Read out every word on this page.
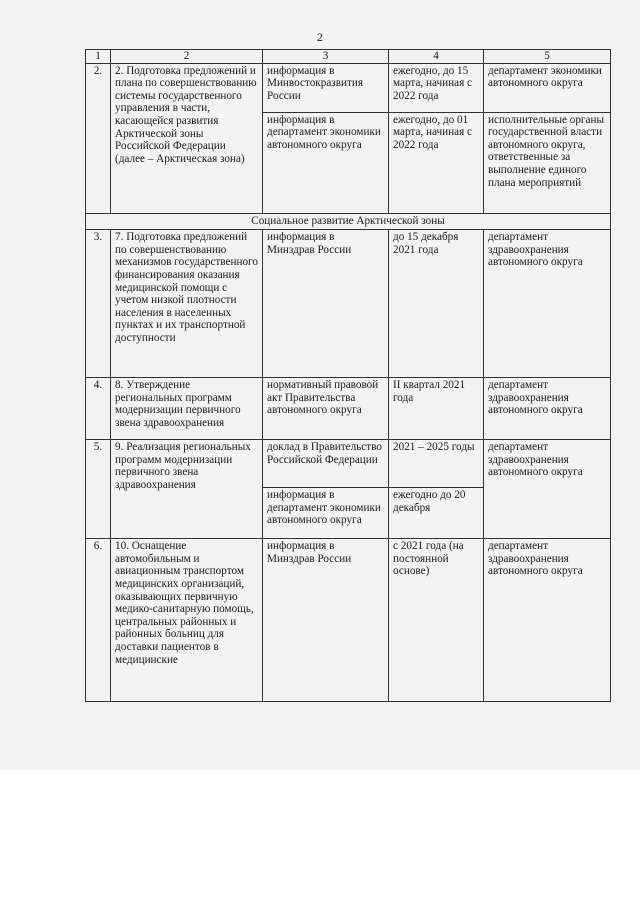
2
1	2	3	4	5
2.	2. Подготовка предложений и плана по совершенствованию системы государственного управления в части, касающейся развития Арктической зоны Российской Федерации (далее – Арктическая зона)	информация в Минвостокразвития России	ежегодно, до 15 марта, начиная с 2022 года	департамент экономики автономного округа
		информация в департамент экономики автономного округа	ежегодно, до 01 марта, начиная с 2022 года	исполнительные органы государственной власти автономного округа, ответственные за выполнение единого плана мероприятий
Социальное развитие Арктической зоны				
3.	7. Подготовка предложений по совершенствованию механизмов государственного финансирования оказания медицинской помощи с учетом низкой плотности населения в населенных пунктах и их транспортной доступности	информация в Минздрав России	до 15 декабря 2021 года	департамент здравоохранения автономного округа
4.	8. Утверждение региональных программ модернизации первичного звена здравоохранения	нормативный правовой акт Правительства автономного округа	II квартал 2021 года	департамент здравоохранения автономного округа
5.	9. Реализация региональных программ модернизации первичного звена здравоохранения	доклад в Правительство Российской Федерации	2021 – 2025 годы	департамент здравоохранения автономного округа
		информация в департамент экономики автономного округа	ежегодно до 20 декабря	
6.	10. Оснащение автомобильным и авиационным транспортом медицинских организаций, оказывающих первичную медико-санитарную помощь, центральных районных и районных больниц для доставки пациентов в медицинские	информация в Минздрав России	с 2021 года (на постоянной основе)	департамент здравоохранения автономного округа
